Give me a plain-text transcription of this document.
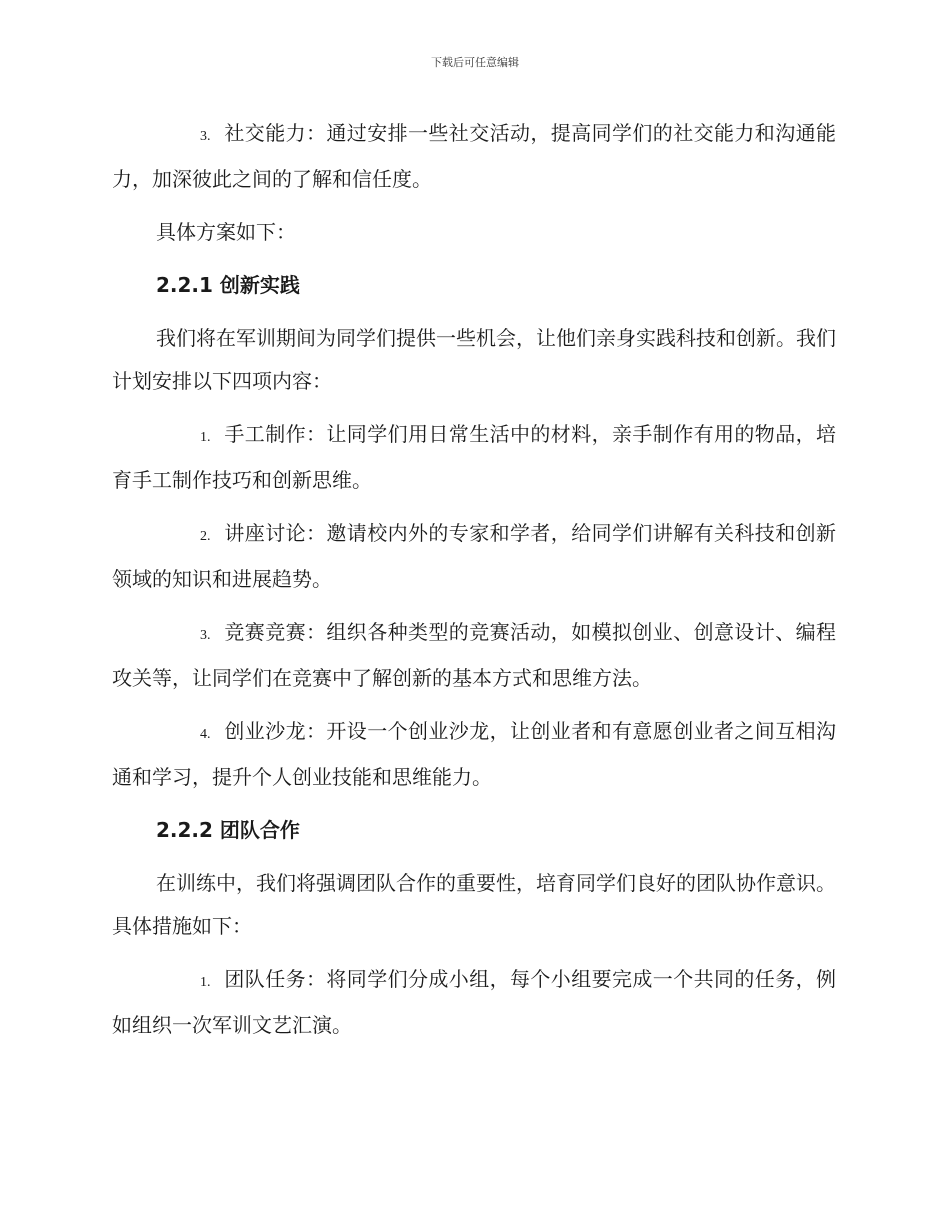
下载后可任意编辑

3. 社交能力：通过安排一些社交活动，提高同学们的社交能力和沟通能力，加深彼此之间的了解和信任度。

具体方案如下：

2.2.1 创新实践

我们将在军训期间为同学们提供一些机会，让他们亲身实践科技和创新。我们计划安排以下四项内容：

1. 手工制作：让同学们用日常生活中的材料，亲手制作有用的物品，培育手工制作技巧和创新思维。

2. 讲座讨论：邀请校内外的专家和学者，给同学们讲解有关科技和创新领域的知识和进展趋势。

3. 竞赛竞赛：组织各种类型的竞赛活动，如模拟创业、创意设计、编程攻关等，让同学们在竞赛中了解创新的基本方式和思维方法。

4. 创业沙龙：开设一个创业沙龙，让创业者和有意愿创业者之间互相沟通和学习，提升个人创业技能和思维能力。

2.2.2 团队合作

在训练中，我们将强调团队合作的重要性，培育同学们良好的团队协作意识。具体措施如下：

1. 团队任务：将同学们分成小组，每个小组要完成一个共同的任务，例如组织一次军训文艺汇演。
